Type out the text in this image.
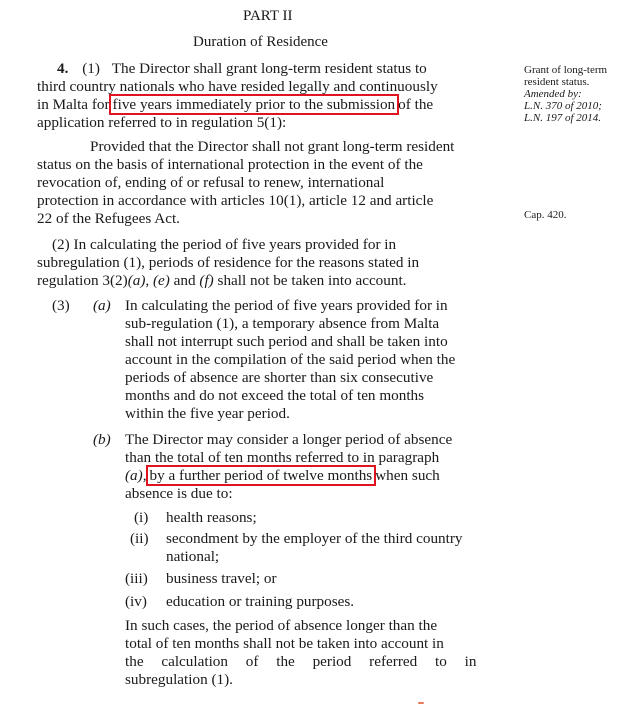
PART II
Duration of Residence
4. (1) The Director shall grant long-term resident status to
third country nationals who have resided legally and continuously
in Malta for five years immediately prior to the submission of the
application referred to in regulation 5(1):
Provided that the Director shall not grant long-term resident
status on the basis of international protection in the event of the
revocation of, ending of or refusal to renew, international
protection in accordance with articles 10(1), article 12 and article
22 of the Refugees Act.
(2) In calculating the period of five years provided for in
subregulation (1), periods of residence for the reasons stated in
regulation 3(2)(a), (e) and (f) shall not be taken into account.
(3) (a) In calculating the period of five years provided for in
sub-regulation (1), a temporary absence from Malta
shall not interrupt such period and shall be taken into
account in the compilation of the said period when the
periods of absence are shorter than six consecutive
months and do not exceed the total of ten months
within the five year period.
(b) The Director may consider a longer period of absence
than the total of ten months referred to in paragraph
(a), by a further period of twelve months when such
absence is due to:
(i) health reasons;
(ii) secondment by the employer of the third country
national;
(iii) business travel; or
(iv) education or training purposes.
In such cases, the period of absence longer than the
total of ten months shall not be taken into account in
the calculation of the period referred to in
subregulation (1).
Grant of long-term
resident status.
Amended by:
L.N. 370 of 2010;
L.N. 197 of 2014.
Cap. 420.
